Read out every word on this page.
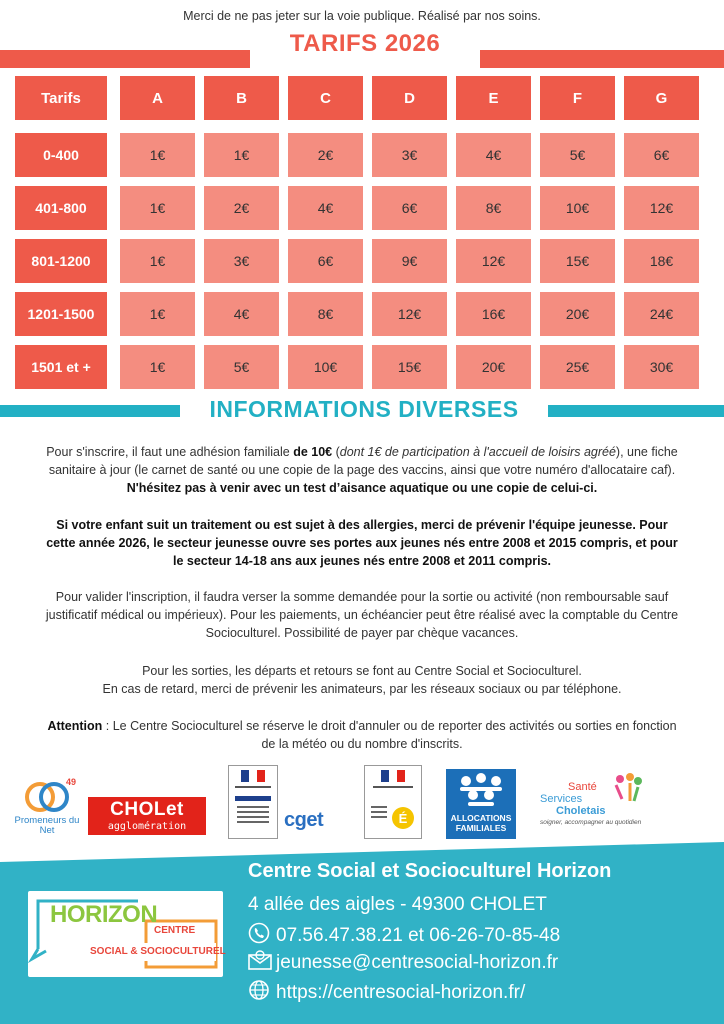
Merci de ne pas jeter sur la voie publique. Réalisé par nos soins.
TARIFS 2026
Tarifs	A	B	C	D	E	F	G
0-400	1€	1€	2€	3€	4€	5€	6€
401-800	1€	2€	4€	6€	8€	10€	12€
801-1200	1€	3€	6€	9€	12€	15€	18€
1201-1500	1€	4€	8€	12€	16€	20€	24€
1501 et +	1€	5€	10€	15€	20€	25€	30€
INFORMATIONS DIVERSES
Pour s'inscrire, il faut une adhésion familiale de 10€ (dont 1€ de participation à l'accueil de loisirs agréé), une fiche sanitaire à jour (le carnet de santé ou une copie de la page des vaccins, ainsi que votre numéro d'allocataire caf).
N'hésitez pas à venir avec un test d’aisance aquatique ou une copie de celui-ci.
Si votre enfant suit un traitement ou est sujet à des allergies, merci de prévenir l'équipe jeunesse. Pour cette année 2026, le secteur jeunesse ouvre ses portes aux jeunes nés entre 2008 et 2015 compris, et pour le secteur 14-18 ans aux jeunes nés entre 2008 et 2011 compris.
Pour valider l'inscription, il faudra verser la somme demandée pour la sortie ou activité (non remboursable sauf justificatif médical ou impérieux). Pour les paiements, un échéancier peut être réalisé avec la comptable du Centre Socioculturel. Possibilité de payer par chèque vacances.
Pour les sorties, les départs et retours se font au Centre Social et Socioculturel.
En cas de retard, merci de prévenir les animateurs, par les réseaux sociaux ou par téléphone.
Attention : Le Centre Socioculturel se réserve le droit d'annuler ou de reporter des activités ou sorties en fonction de la météo ou du nombre d'inscrits.
49
Promeneurs du Net
CHOLet
agglomération	cget	É	ALLOCATIONS
FAMILIALES
Santé
Services
Choletais
soigner, accompagner au quotidien
HORIZON
CENTRE
SOCIAL & SOCIOCULTUREL
Centre Social et Socioculturel Horizon
4 allée des aigles - 49300 CHOLET
07.56.47.38.21 et 06-26-70-85-48
jeunesse@centresocial-horizon.fr
https://centresocial-horizon.fr/
